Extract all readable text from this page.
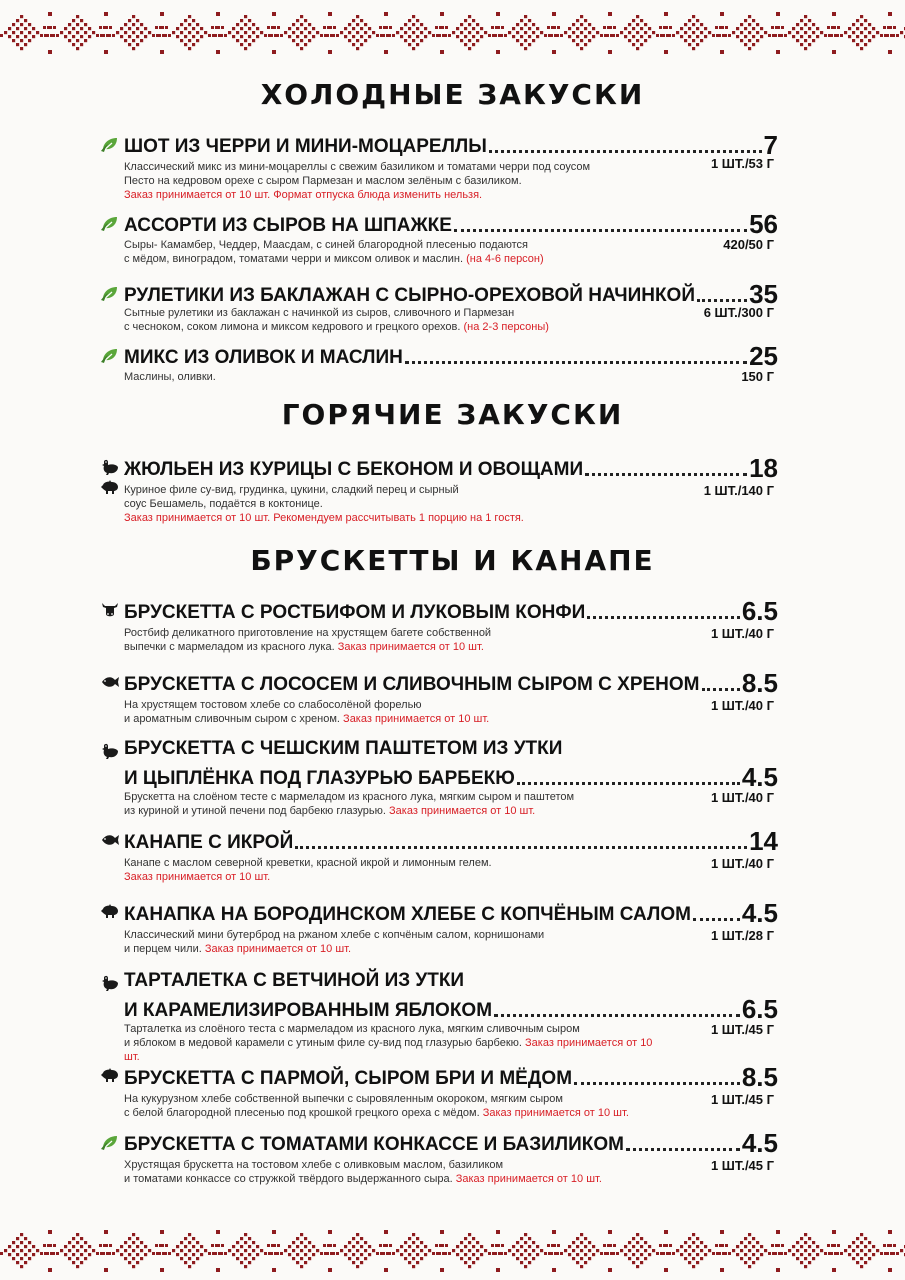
ХОЛОДНЫЕ ЗАКУСКИ
ГОРЯЧИЕ ЗАКУСКИ
БРУСКЕТТЫ И КАНАПЕ
ШОТ ИЗ ЧЕРРИ И МИНИ-МОЦАРЕЛЛЫ	7
1 ШТ./53 Г
Классический микс из мини-моцареллы с свежим базиликом и томатами черри под соусом
Песто на кедровом орехе с сыром Пармезан и маслом зелёным с базиликом.
Заказ принимается от 10 шт. Формат отпуска блюда изменить нельзя.
АССОРТИ ИЗ СЫРОВ НА ШПАЖКЕ	56
420/50 Г
Сыры- Камамбер, Чеддер, Маасдам, с синей благородной плесенью подаются
с мёдом, виноградом, томатами черри и миксом оливок и маслин. (на 4-6 персон)
РУЛЕТИКИ ИЗ БАКЛАЖАН С СЫРНО-ОРЕХОВОЙ НАЧИНКОЙ 35
6 ШТ./300 Г
Сытные рулетики из баклажан с начинкой из сыров, сливочного и Пармезан
с чесноком, соком лимона и миксом кедрового и грецкого орехов. (на 2-3 персоны)
МИКС ИЗ ОЛИВОК И МАСЛИН	25
150 Г
Маслины, оливки.
ЖЮЛЬЕН ИЗ КУРИЦЫ С БЕКОНОМ И ОВОЩАМИ	18
1 ШТ./140 Г
Куриное филе су-вид, грудинка, цукини, сладкий перец и сырный
соус Бешамель, подаётся в коктонице.
Заказ принимается от 10 шт. Рекомендуем рассчитывать 1 порцию на 1 гостя.
БРУСКЕТТА С РОСТБИФОМ И ЛУКОВЫМ КОНФИ	6.5
1 ШТ./40 Г
Ростбиф деликатного приготовление на хрустящем багете собственной
выпечки с мармеладом из красного лука. Заказ принимается от 10 шт.
БРУСКЕТТА С ЛОСОСЕМ И СЛИВОЧНЫМ СЫРОМ С ХРЕНОМ 8.5
1 ШТ./40 Г
На хрустящем тостовом хлебе со слабосолёной форелью
и ароматным сливочным сыром с хреном. Заказ принимается от 10 шт.
БРУСКЕТТА С ЧЕШСКИМ ПАШТЕТОМ ИЗ УТКИ
И ЦЫПЛЁНКА ПОД ГЛАЗУРЬЮ БАРБЕКЮ	4.5
1 ШТ./40 Г
Брускетта на слоёном тесте с мармеладом из красного лука, мягким сыром и паштетом
из куриной и утиной печени под барбекю глазурью. Заказ принимается от 10 шт.
КАНАПЕ С ИКРОЙ	14
1 ШТ./40 Г
Канапе с маслом северной креветки, красной икрой и лимонным гелем.
Заказ принимается от 10 шт.
КАНАПКА НА БОРОДИНСКОМ ХЛЕБЕ С КОПЧЁНЫМ САЛОМ 4.5
1 ШТ./28 Г
Классический мини бутерброд на ржаном хлебе с копчёным салом, корнишонами
и перцем чили. Заказ принимается от 10 шт.
ТАРТАЛЕТКА С ВЕТЧИНОЙ ИЗ УТКИ
И КАРАМЕЛИЗИРОВАННЫМ ЯБЛОКОМ	6.5
1 ШТ./45 Г
Тарталетка из слоёного теста с мармеладом из красного лука, мягким сливочным сыром
и яблоком в медовой карамели с утиным филе су-вид под глазурью барбекю. Заказ принимается от 10 шт.
БРУСКЕТТА С ПАРМОЙ, СЫРОМ БРИ И МЁДОМ	8.5
1 ШТ./45 Г
На кукурузном хлебе собственной выпечки с сыровяленным окороком, мягким сыром
с белой благородной плесенью под крошкой грецкого ореха с мёдом. Заказ принимается от 10 шт.
БРУСКЕТТА С ТОМАТАМИ КОНКАССЕ И БАЗИЛИКОМ	4.5
1 ШТ./45 Г
Хрустящая брускетта на тостовом хлебе с оливковым маслом, базиликом
и томатами конкассе со стружкой твёрдого выдержанного сыра. Заказ принимается от 10 шт.
